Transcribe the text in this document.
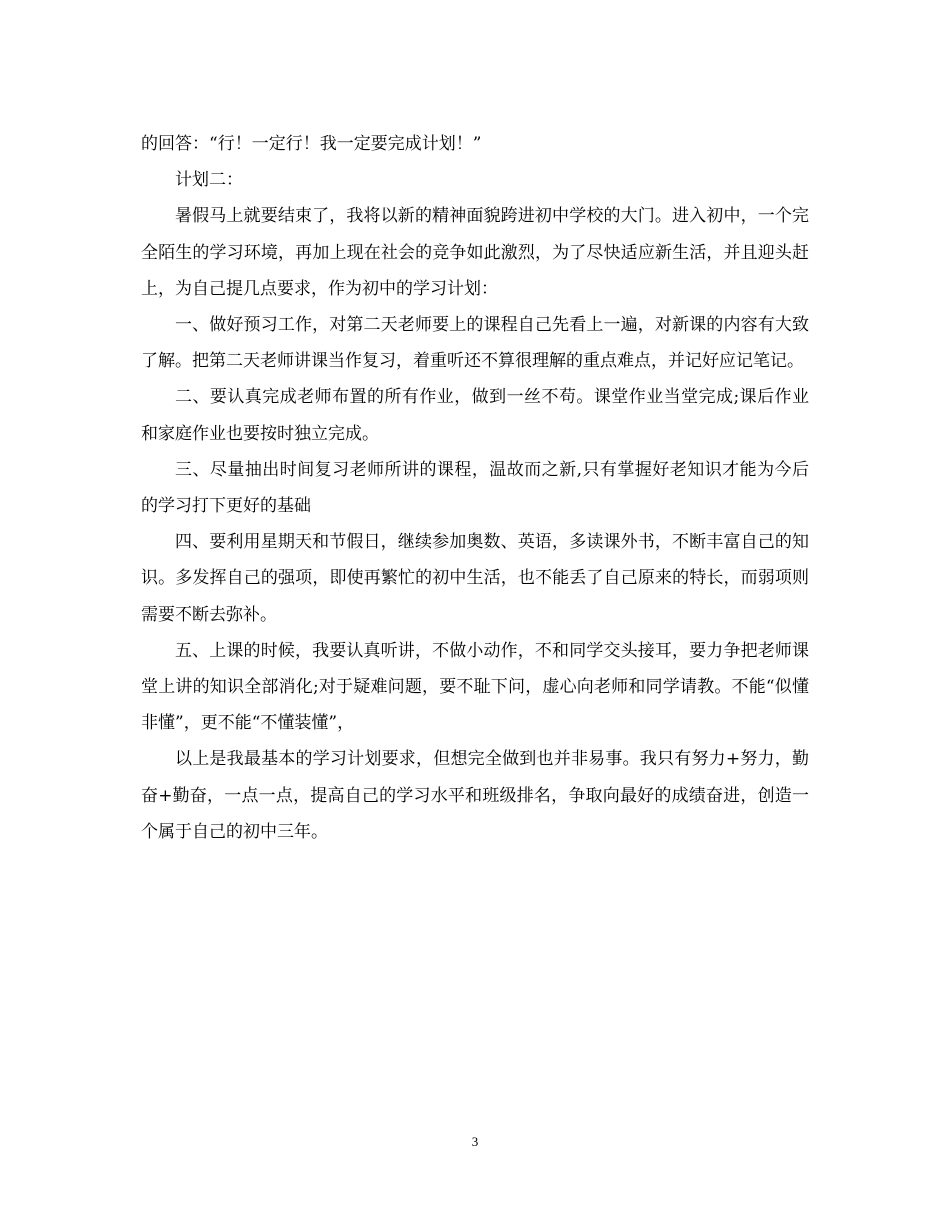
的回答：“行！一定行！我一定要完成计划！”

计划二：

暑假马上就要结束了，我将以新的精神面貌跨进初中学校的大门。进入初中，一个完全陌生的学习环境，再加上现在社会的竞争如此激烈，为了尽快适应新生活，并且迎头赶上，为自己提几点要求，作为初中的学习计划：

一、做好预习工作，对第二天老师要上的课程自己先看上一遍，对新课的内容有大致了解。把第二天老师讲课当作复习，着重听还不算很理解的重点难点，并记好应记笔记。

二、要认真完成老师布置的所有作业，做到一丝不苟。课堂作业当堂完成;课后作业和家庭作业也要按时独立完成。

三、尽量抽出时间复习老师所讲的课程，温故而之新,只有掌握好老知识才能为今后的学习打下更好的基础

四、要利用星期天和节假日，继续参加奥数、英语，多读课外书，不断丰富自己的知识。多发挥自己的强项，即使再繁忙的初中生活，也不能丢了自己原来的特长，而弱项则需要不断去弥补。

五、上课的时候，我要认真听讲，不做小动作，不和同学交头接耳，要力争把老师课堂上讲的知识全部消化;对于疑难问题，要不耻下问，虚心向老师和同学请教。不能“似懂非懂”，更不能“不懂装懂”，

以上是我最基本的学习计划要求，但想完全做到也并非易事。我只有努力+努力，勤奋+勤奋，一点一点，提高自己的学习水平和班级排名，争取向最好的成绩奋进，创造一个属于自己的初中三年。

3
